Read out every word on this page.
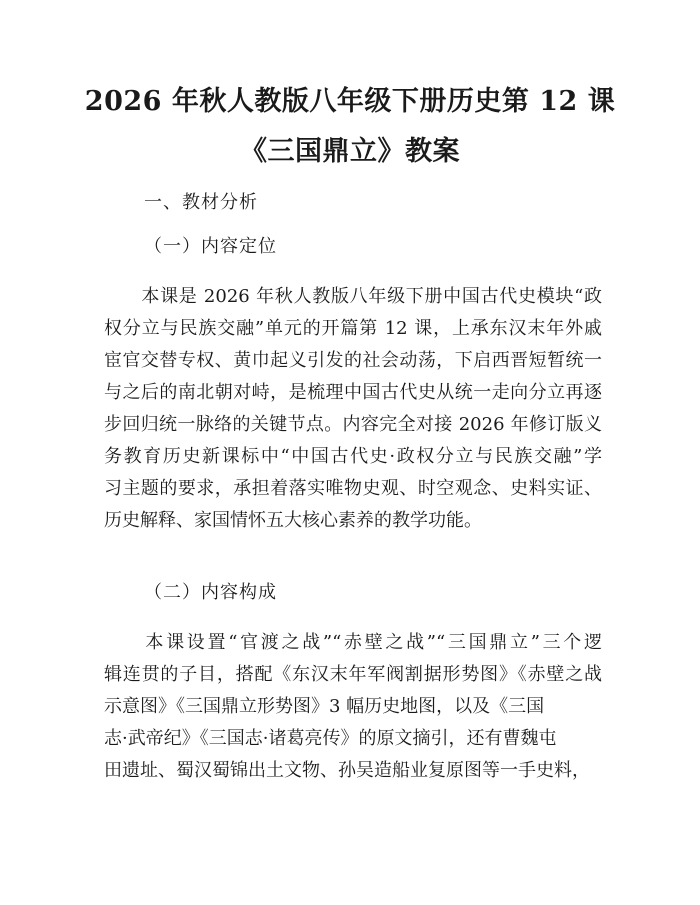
2026 年秋人教版八年级下册历史第 12 课
《三国鼎立》教案

一、教材分析

（一）内容定位

　　本课是 2026 年秋人教版八年级下册中国古代史模块“政
权分立与民族交融”单元的开篇第 12 课，上承东汉末年外戚
宦官交替专权、黄巾起义引发的社会动荡，下启西晋短暂统一
与之后的南北朝对峙，是梳理中国古代史从统一走向分立再逐
步回归统一脉络的关键节点。内容完全对接 2026 年修订版义
务教育历史新课标中“中国古代史·政权分立与民族交融”学
习主题的要求，承担着落实唯物史观、时空观念、史料实证、
历史解释、家国情怀五大核心素养的教学功能。

（二）内容构成

　　本课设置“官渡之战”“赤壁之战”“三国鼎立”三个逻
辑连贯的子目，搭配《东汉末年军阀割据形势图》《赤壁之战
示意图》《三国鼎立形势图》3 幅历史地图，以及《三国
志·武帝纪》《三国志·诸葛亮传》的原文摘引，还有曹魏屯
田遗址、蜀汉蜀锦出土文物、孙吴造船业复原图等一手史料，
